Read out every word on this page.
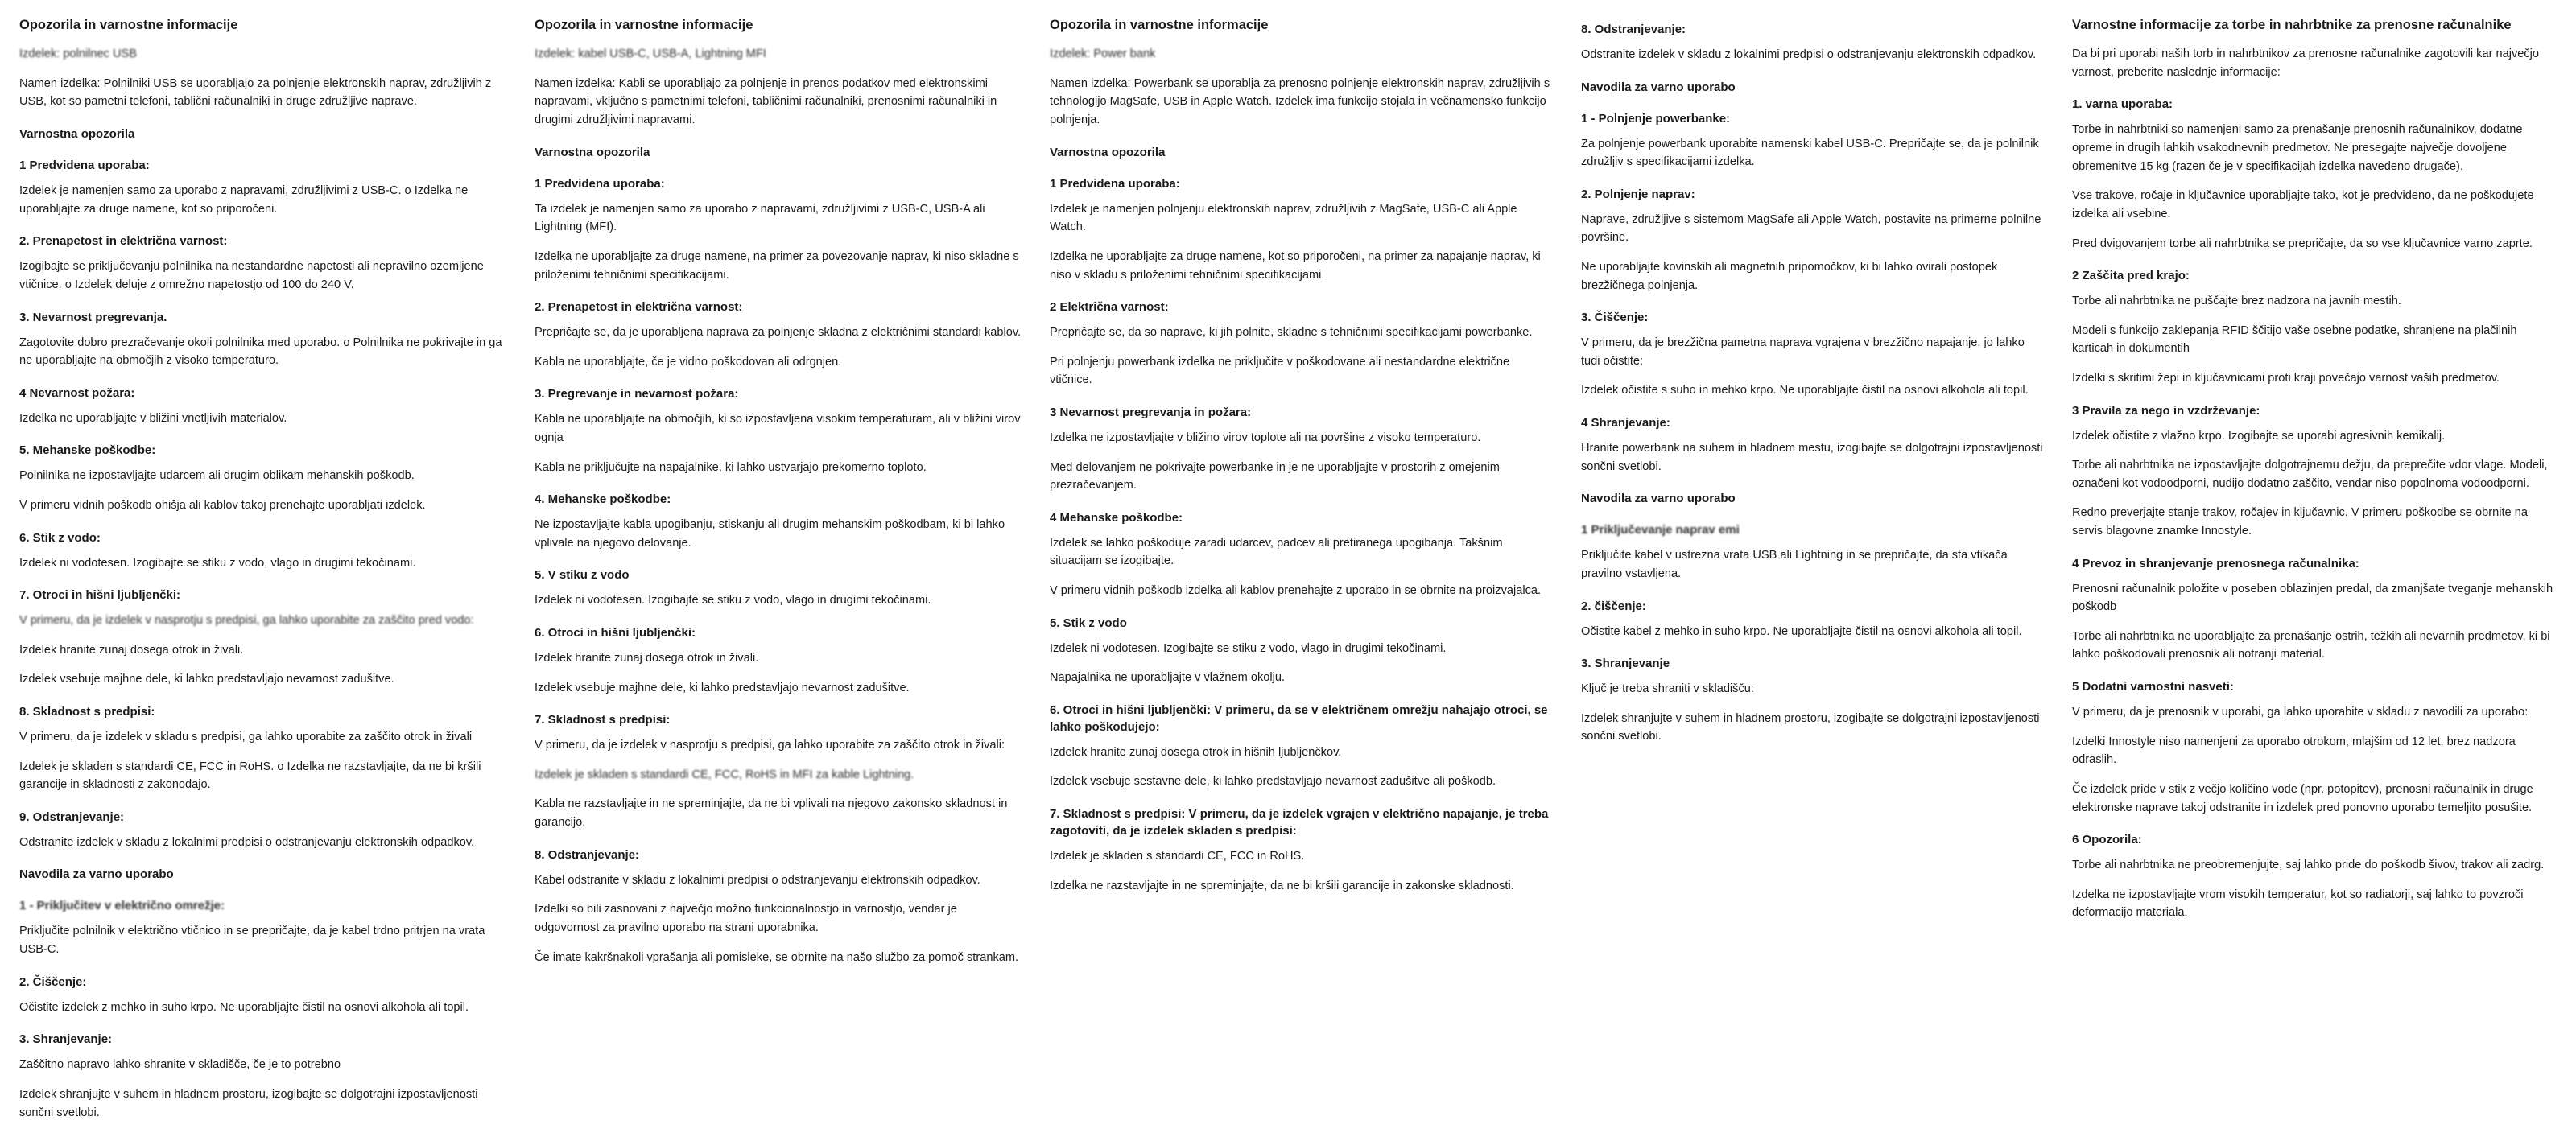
Opozorila in varnostne informacije

Izdelek: polnilnec USB

Namen izdelka: Polnilniki USB se uporabljajo za polnjenje elektronskih naprav, združljivih z USB, kot so pametni telefoni, tablični računalniki in druge združljive naprave.

Varnostna opozorila
1 Predvidena uporaba:

Izdelek je namenjen samo za uporabo z napravami, združljivimi z USB-C. o Izdelka ne uporabljajte za druge namene, kot so priporočeni.

2. Prenapetost in električna varnost:

Izogibajte se priključevanju polnilnika na nestandardne napetosti ali nepravilno ozemljene vtičnice. o Izdelek deluje z omrežno napetostjo od 100 do 240 V.

3. Nevarnost pregrevanja.

Zagotovite dobro prezračevanje okoli polnilnika med uporabo. o Polnilnika ne pokrivajte in ga ne uporabljajte na območjih z visoko temperaturo.

4 Nevarnost požara:

Izdelka ne uporabljajte v bližini vnetljivih materialov.

5. Mehanske poškodbe:

Polnilnika ne izpostavljajte udarcem ali drugim oblikam mehanskih poškodb.

V primeru vidnih poškodb ohišja ali kablov takoj prenehajte uporabljati izdelek.

6. Stik z vodo:

Izdelek ni vodotesen. Izogibajte se stiku z vodo, vlago in drugimi tekočinami.

7. Otroci in hišni ljubljenčki:

V primeru, da je izdelek v nasprotju s predpisi, ga lahko uporabite za zaščito pred vodo:

Izdelek hranite zunaj dosega otrok in živali.

Izdelek vsebuje majhne dele, ki lahko predstavljajo nevarnost zadušitve.

8. Skladnost s predpisi:

V primeru, da je izdelek v skladu s predpisi, ga lahko uporabite za zaščito otrok in živali

Izdelek je skladen s standardi CE, FCC in RoHS. o Izdelka ne razstavljajte, da ne bi kršili garancije in skladnosti z zakonodajo.

9. Odstranjevanje:

Odstranite izdelek v skladu z lokalnimi predpisi o odstranjevanju elektronskih odpadkov.

Navodila za varno uporabo
1 - Priključitev v električno omrežje:

Priključite polnilnik v električno vtičnico in se prepričajte, da je kabel trdno pritrjen na vrata USB-C.

2. Čiščenje:

Očistite izdelek z mehko in suho krpo. Ne uporabljajte čistil na osnovi alkohola ali topil.

3. Shranjevanje:

Zaščitno napravo lahko shranite v skladišče, če je to potrebno

Izdelek shranjujte v suhem in hladnem prostoru, izogibajte se dolgotrajni izpostavljenosti sončni svetlobi.

Opozorila in varnostne informacije

Izdelek: kabel USB-C, USB-A, Lightning MFI

Namen izdelka: Kabli se uporabljajo za polnjenje in prenos podatkov med elektronskimi napravami, vključno s pametnimi telefoni, tabličnimi računalniki, prenosnimi računalniki in drugimi združljivimi napravami.

Varnostna opozorila
1 Predvidena uporaba:

Ta izdelek je namenjen samo za uporabo z napravami, združljivimi z USB-C, USB-A ali Lightning (MFI).

Izdelka ne uporabljajte za druge namene, na primer za povezovanje naprav, ki niso skladne s priloženimi tehničnimi specifikacijami.

2. Prenapetost in električna varnost:

Prepričajte se, da je uporabljena naprava za polnjenje skladna z električnimi standardi kablov.

Kabla ne uporabljajte, če je vidno poškodovan ali odrgnjen.

3. Pregrevanje in nevarnost požara:

Kabla ne uporabljajte na območjih, ki so izpostavljena visokim temperaturam, ali v bližini virov ognja

Kabla ne priključujte na napajalnike, ki lahko ustvarjajo prekomerno toploto.

4. Mehanske poškodbe:

Ne izpostavljajte kabla upogibanju, stiskanju ali drugim mehanskim poškodbam, ki bi lahko vplivale na njegovo delovanje.

5. V stiku z vodo

Izdelek ni vodotesen. Izogibajte se stiku z vodo, vlago in drugimi tekočinami.

6. Otroci in hišni ljubljenčki:

Izdelek hranite zunaj dosega otrok in živali.

Izdelek vsebuje majhne dele, ki lahko predstavljajo nevarnost zadušitve.

7. Skladnost s predpisi:

V primeru, da je izdelek v nasprotju s predpisi, ga lahko uporabite za zaščito otrok in živali:

Izdelek je skladen s standardi CE, FCC, RoHS in MFI za kable Lightning.

Kabla ne razstavljajte in ne spreminjajte, da ne bi vplivali na njegovo zakonsko skladnost in garancijo.

8. Odstranjevanje:

Kabel odstranite v skladu z lokalnimi predpisi o odstranjevanju elektronskih odpadkov.

Izdelki so bili zasnovani z največjo možno funkcionalnostjo in varnostjo, vendar je odgovornost za pravilno uporabo na strani uporabnika.

Če imate kakršnakoli vprašanja ali pomisleke, se obrnite na našo službo za pomoč strankam.

Opozorila in varnostne informacije

Izdelek: Power bank

Namen izdelka: Powerbank se uporablja za prenosno polnjenje elektronskih naprav, združljivih s tehnologijo MagSafe, USB in Apple Watch. Izdelek ima funkcijo stojala in večnamensko funkcijo polnjenja.

Varnostna opozorila
1 Predvidena uporaba:

Izdelek je namenjen polnjenju elektronskih naprav, združljivih z MagSafe, USB-C ali Apple Watch.

Izdelka ne uporabljajte za druge namene, kot so priporočeni, na primer za napajanje naprav, ki niso v skladu s priloženimi tehničnimi specifikacijami.

2 Električna varnost:

Prepričajte se, da so naprave, ki jih polnite, skladne s tehničnimi specifikacijami powerbanke.

Pri polnjenju powerbank izdelka ne priključite v poškodovane ali nestandardne električne vtičnice.

3 Nevarnost pregrevanja in požara:

Izdelka ne izpostavljajte v bližino virov toplote ali na površine z visoko temperaturo.

Med delovanjem ne pokrivajte powerbanke in je ne uporabljajte v prostorih z omejenim prezračevanjem.

4 Mehanske poškodbe:

Izdelek se lahko poškoduje zaradi udarcev, padcev ali pretiranega upogibanja. Takšnim situacijam se izogibajte.

V primeru vidnih poškodb izdelka ali kablov prenehajte z uporabo in se obrnite na proizvajalca.

5. Stik z vodo

Izdelek ni vodotesen. Izogibajte se stiku z vodo, vlago in drugimi tekočinami.

Napajalnika ne uporabljajte v vlažnem okolju.

6. Otroci in hišni ljubljenčki: V primeru, da se v električnem omrežju nahajajo otroci, se lahko poškodujejo:

Izdelek hranite zunaj dosega otrok in hišnih ljubljenčkov.

Izdelek vsebuje sestavne dele, ki lahko predstavljajo nevarnost zadušitve ali poškodb.

7. Skladnost s predpisi: V primeru, da je izdelek vgrajen v električno napajanje, je treba zagotoviti, da je izdelek skladen s predpisi:

Izdelek je skladen s standardi CE, FCC in RoHS.

Izdelka ne razstavljajte in ne spreminjajte, da ne bi kršili garancije in zakonske skladnosti.

8. Odstranjevanje:

Odstranite izdelek v skladu z lokalnimi predpisi o odstranjevanju elektronskih odpadkov.

Navodila za varno uporabo
1 - Polnjenje powerbanke:

Za polnjenje powerbank uporabite namenski kabel USB-C. Prepričajte se, da je polnilnik združljiv s specifikacijami izdelka.

2. Polnjenje naprav:

Naprave, združljive s sistemom MagSafe ali Apple Watch, postavite na primerne polnilne površine.

Ne uporabljajte kovinskih ali magnetnih pripomočkov, ki bi lahko ovirali postopek brezžičnega polnjenja.

3. Čiščenje:

V primeru, da je brezžična pametna naprava vgrajena v brezžično napajanje, jo lahko tudi očistite:

Izdelek očistite s suho in mehko krpo. Ne uporabljajte čistil na osnovi alkohola ali topil.

4 Shranjevanje:

Hranite powerbank na suhem in hladnem mestu, izogibajte se dolgotrajni izpostavljenosti sončni svetlobi.

Navodila za varno uporabo
1 Priključevanje naprav emi

Priključite kabel v ustrezna vrata USB ali Lightning in se prepričajte, da sta vtikača pravilno vstavljena.

2. čiščenje:

Očistite kabel z mehko in suho krpo. Ne uporabljajte čistil na osnovi alkohola ali topil.

3. Shranjevanje

Ključ je treba shraniti v skladišču:

Izdelek shranjujte v suhem in hladnem prostoru, izogibajte se dolgotrajni izpostavljenosti sončni svetlobi.

Varnostne informacije za torbe in nahrbtnike za prenosne računalnike

Da bi pri uporabi naših torb in nahrbtnikov za prenosne računalnike zagotovili kar največjo varnost, preberite naslednje informacije:

1. varna uporaba:

Torbe in nahrbtniki so namenjeni samo za prenašanje prenosnih računalnikov, dodatne opreme in drugih lahkih vsakodnevnih predmetov. Ne presegajte največje dovoljene obremenitve 15 kg (razen če je v specifikacijah izdelka navedeno drugače).

Vse trakove, ročaje in ključavnice uporabljajte tako, kot je predvideno, da ne poškodujete izdelka ali vsebine.

Pred dvigovanjem torbe ali nahrbtnika se prepričajte, da so vse ključavnice varno zaprte.

2 Zaščita pred krajo:

Torbe ali nahrbtnika ne puščajte brez nadzora na javnih mestih.

Modeli s funkcijo zaklepanja RFID ščitijo vaše osebne podatke, shranjene na plačilnih karticah in dokumentih

Izdelki s skritimi žepi in ključavnicami proti kraji povečajo varnost vaših predmetov.

3 Pravila za nego in vzdrževanje:

Izdelek očistite z vlažno krpo. Izogibajte se uporabi agresivnih kemikalij.

Torbe ali nahrbtnika ne izpostavljajte dolgotrajnemu dežju, da preprečite vdor vlage. Modeli, označeni kot vodoodporni, nudijo dodatno zaščito, vendar niso popolnoma vodoodporni.

Redno preverjajte stanje trakov, ročajev in ključavnic. V primeru poškodbe se obrnite na servis blagovne znamke Innostyle.

4 Prevoz in shranjevanje prenosnega računalnika:

Prenosni računalnik položite v poseben oblazinjen predal, da zmanjšate tveganje mehanskih poškodb

Torbe ali nahrbtnika ne uporabljajte za prenašanje ostrih, težkih ali nevarnih predmetov, ki bi lahko poškodovali prenosnik ali notranji material.

5 Dodatni varnostni nasveti:

V primeru, da je prenosnik v uporabi, ga lahko uporabite v skladu z navodili za uporabo:

Izdelki Innostyle niso namenjeni za uporabo otrokom, mlajšim od 12 let, brez nadzora odraslih.

Če izdelek pride v stik z večjo količino vode (npr. potopitev), prenosni računalnik in druge elektronske naprave takoj odstranite in izdelek pred ponovno uporabo temeljito posušite.

6 Opozorila:

Torbe ali nahrbtnika ne preobremenjujte, saj lahko pride do poškodb šivov, trakov ali zadrg.

Izdelka ne izpostavljajte vrom visokih temperatur, kot so radiatorji, saj lahko to povzroči deformacijo materiala.
